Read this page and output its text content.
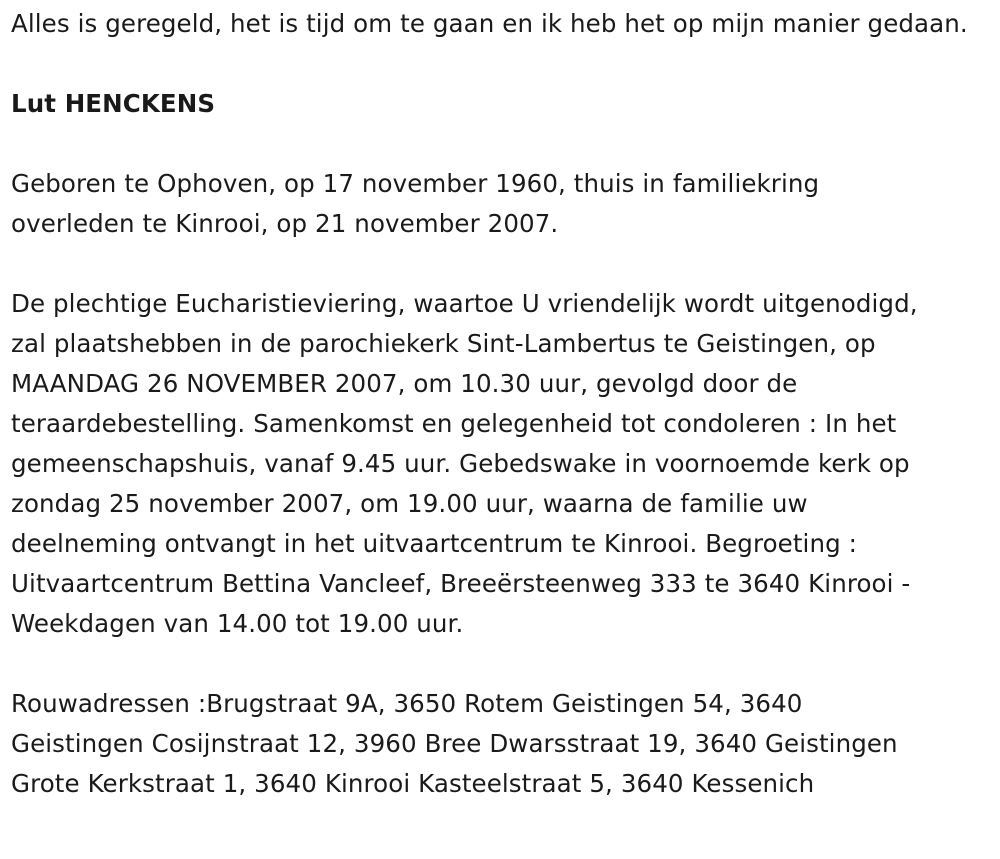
Alles is geregeld, het is tijd om te gaan en ik heb het op mijn manier gedaan.

Lut HENCKENS

Geboren te Ophoven, op 17 november 1960, thuis in familiekring

overleden te Kinrooi, op 21 november 2007.

De plechtige Eucharistieviering, waartoe U vriendelijk wordt uitgenodigd,

zal plaatshebben in de parochiekerk Sint-Lambertus te Geistingen, op

MAANDAG 26 NOVEMBER 2007, om 10.30 uur, gevolgd door de

teraardebestelling. Samenkomst en gelegenheid tot condoleren : In het

gemeenschapshuis, vanaf 9.45 uur. Gebedswake in voornoemde kerk op

zondag 25 november 2007, om 19.00 uur, waarna de familie uw

deelneming ontvangt in het uitvaartcentrum te Kinrooi. Begroeting :

Uitvaartcentrum Bettina Vancleef, Breeërsteenweg 333 te 3640 Kinrooi -

Weekdagen van 14.00 tot 19.00 uur.

Rouwadressen :Brugstraat 9A, 3650 Rotem Geistingen 54, 3640

Geistingen Cosijnstraat 12, 3960 Bree Dwarsstraat 19, 3640 Geistingen

Grote Kerkstraat 1, 3640 Kinrooi Kasteelstraat 5, 3640 Kessenich
